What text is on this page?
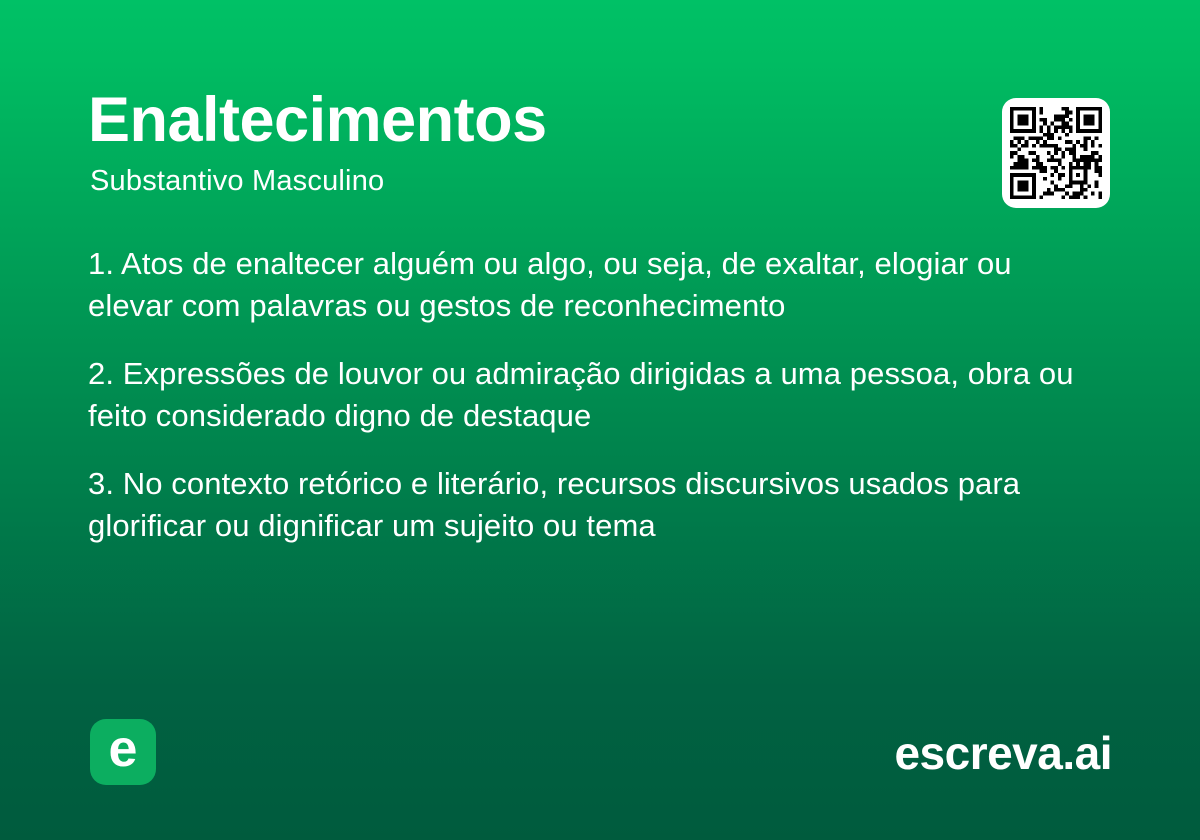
Enaltecimentos
Substantivo Masculino

1. Atos de enaltecer alguém ou algo, ou seja, de exaltar, elogiar ou elevar com palavras ou gestos de reconhecimento

2. Expressões de louvor ou admiração dirigidas a uma pessoa, obra ou feito considerado digno de destaque

3. No contexto retórico e literário, recursos discursivos usados para glorificar ou dignificar um sujeito ou tema

e	escreva.ai
